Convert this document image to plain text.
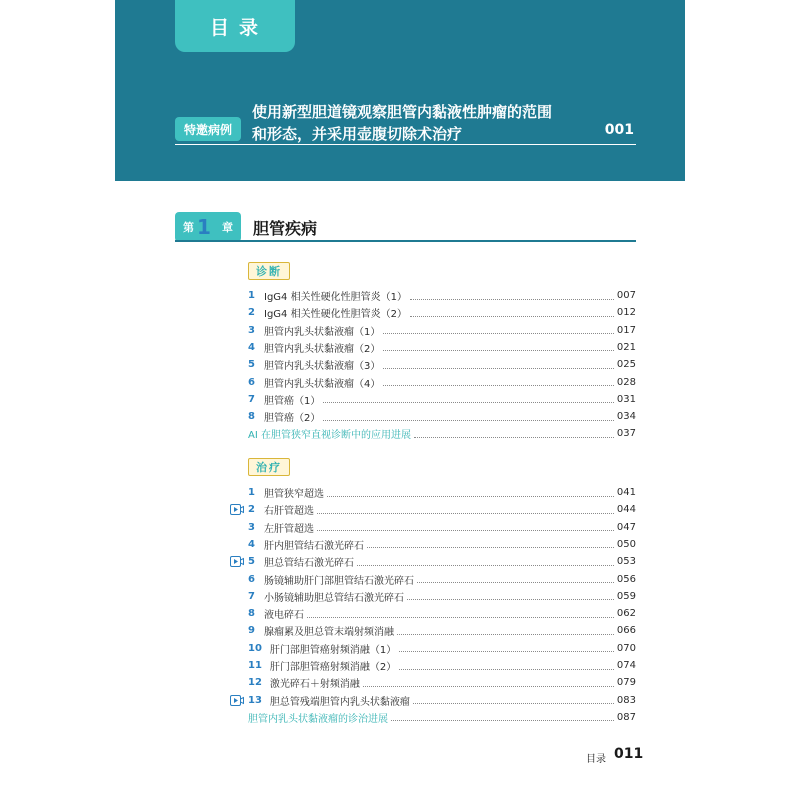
目录
特邀病例
使用新型胆道镜观察胆管内黏液性肿瘤的范围
和形态，并采用壶腹切除术治疗	001
第 1 章 胆管疾病
诊断
1 IgG4 相关性硬化性胆管炎（1）	007
2 IgG4 相关性硬化性胆管炎（2）	012
3 胆管内乳头状黏液瘤（1）	017
4 胆管内乳头状黏液瘤（2）	021
5 胆管内乳头状黏液瘤（3）	025
6 胆管内乳头状黏液瘤（4）	028
7 胆管癌（1）	031
8 胆管癌（2）	034
AI 在胆管狭窄直视诊断中的应用进展	037
治疗
1 胆管狭窄超选	041
2 右肝管超选	044
3 左肝管超选	047
4 肝内胆管结石激光碎石	050
5 胆总管结石激光碎石	053
6 肠镜辅助肝门部胆管结石激光碎石	056
7 小肠镜辅助胆总管结石激光碎石	059
8 液电碎石	062
9 腺瘤累及胆总管末端射频消融	066
10 肝门部胆管癌射频消融（1）	070
11 肝门部胆管癌射频消融（2）	074
12 激光碎石＋射频消融	079
13 胆总管残端胆管内乳头状黏液瘤	083
胆管内乳头状黏液瘤的诊治进展	087
目录 011
